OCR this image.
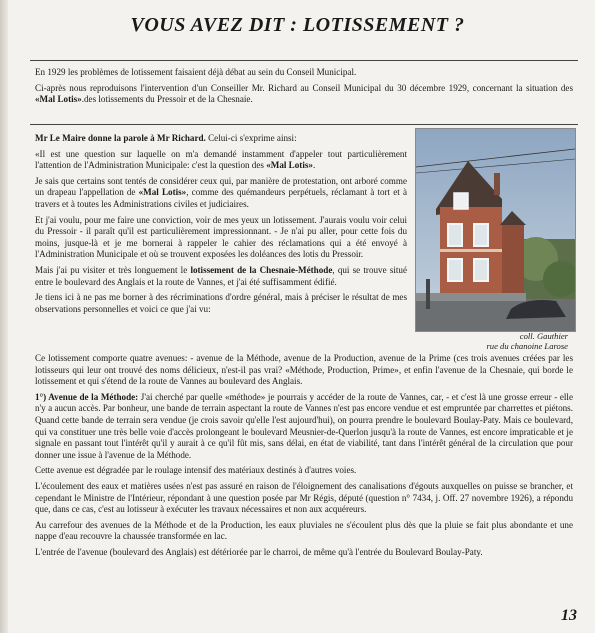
VOUS AVEZ DIT : LOTISSEMENT ?

En 1929 les problèmes de lotissement faisaient déjà débat au sein du Conseil Municipal.

Ci-après nous reproduisons l'intervention d'un Conseiller Mr. Richard au Conseil Municipal du 30 décembre 1929, concernant la situation des «Mal Lotis».des lotissements du Pressoir et de la Chesnaie.

Mr Le Maire donne la parole à Mr Richard. Celui-ci s'exprime ainsi:

«Il est une question sur laquelle on m'a demandé instamment d'appeler tout particulièrement l'attention de l'Administration Municipale: c'est la question des «Mal Lotis».

Je sais que certains sont tentés de considérer ceux qui, par manière de protestation, ont arboré comme un drapeau l'appellation de «Mal Lotis», comme des quémandeurs perpétuels, réclamant à tort et à travers et à toutes les Administrations civiles et judiciaires.

Et j'ai voulu, pour me faire une conviction, voir de mes yeux un lotissement. J'aurais voulu voir celui du Pressoir - il paraît qu'il est particulièrement impressionnant. - Je n'ai pu aller, pour cette fois du moins, jusque-là et je me bornerai à rappeler le cahier des réclamations qui a été envoyé à l'Administration Municipale et où se trouvent exposées les doléances des lotis du Pressoir.

Mais j'ai pu visiter et très longuement le lotissement de la Chesnaie-Méthode, qui se trouve situé entre le boulevard des Anglais et la route de Vannes, et j'ai été suffisamment édifié.

Je tiens ici à ne pas me borner à des récriminations d'ordre général, mais à préciser le résultat de mes observations personnelles et voici ce que j'ai vu:

coll. Gauthier
rue du chanoine Larose

Ce lotissement comporte quatre avenues: - avenue de la Méthode, avenue de la Production, avenue de la Prime (ces trois avenues créées par les lotisseurs qui leur ont trouvé des noms délicieux, n'est-il pas vrai? «Méthode, Production, Prime», et enfin l'avenue de la Chesnaie, qui borde le lotissement et qui s'étend de la route de Vannes au boulevard des Anglais.

1°) Avenue de la Méthode: J'ai cherché par quelle «méthode» je pourrais y accéder de la route de Vannes, car, - et c'est là une grosse erreur - elle n'y a aucun accès. Par bonheur, une bande de terrain aspectant la route de Vannes n'est pas encore vendue et est empruntée par charrettes et piétons. Quand cette bande de terrain sera vendue (je crois savoir qu'elle l'est aujourd'hui), on pourra prendre le boulevard Boulay-Paty. Mais ce boulevard, qui va constituer une très belle voie d'accès prolongeant le boulevard Meusnier-de-Querlon jusqu'à la route de Vannes, est encore impraticable et je signale en passant tout l'intérêt qu'il y aurait à ce qu'il fût mis, sans délai, en état de viabilité, tant dans l'intérêt général de la circulation que pour donner une issue à l'avenue de la Méthode.

Cette avenue est dégradée par le roulage intensif des matériaux destinés à d'autres voies.

L'écoulement des eaux et matières usées n'est pas assuré en raison de l'éloignement des canalisations d'égouts auxquelles on puisse se brancher, et cependant le Ministre de l'Intérieur, répondant à une question posée par Mr Régis, député (question n° 7434, j. Off. 27 novembre 1926), a répondu que, dans ce cas, c'est au lotisseur à exécuter les travaux nécessaires et non aux acquéreurs.

Au carrefour des avenues de la Méthode et de la Production, les eaux pluviales ne s'écoulent plus dès que la pluie se fait plus abondante et une nappe d'eau recouvre la chaussée transformée en lac.

L'entrée de l'avenue (boulevard des Anglais) est détériorée par le charroi, de même qu'à l'entrée du Boulevard Boulay-Paty.

13
